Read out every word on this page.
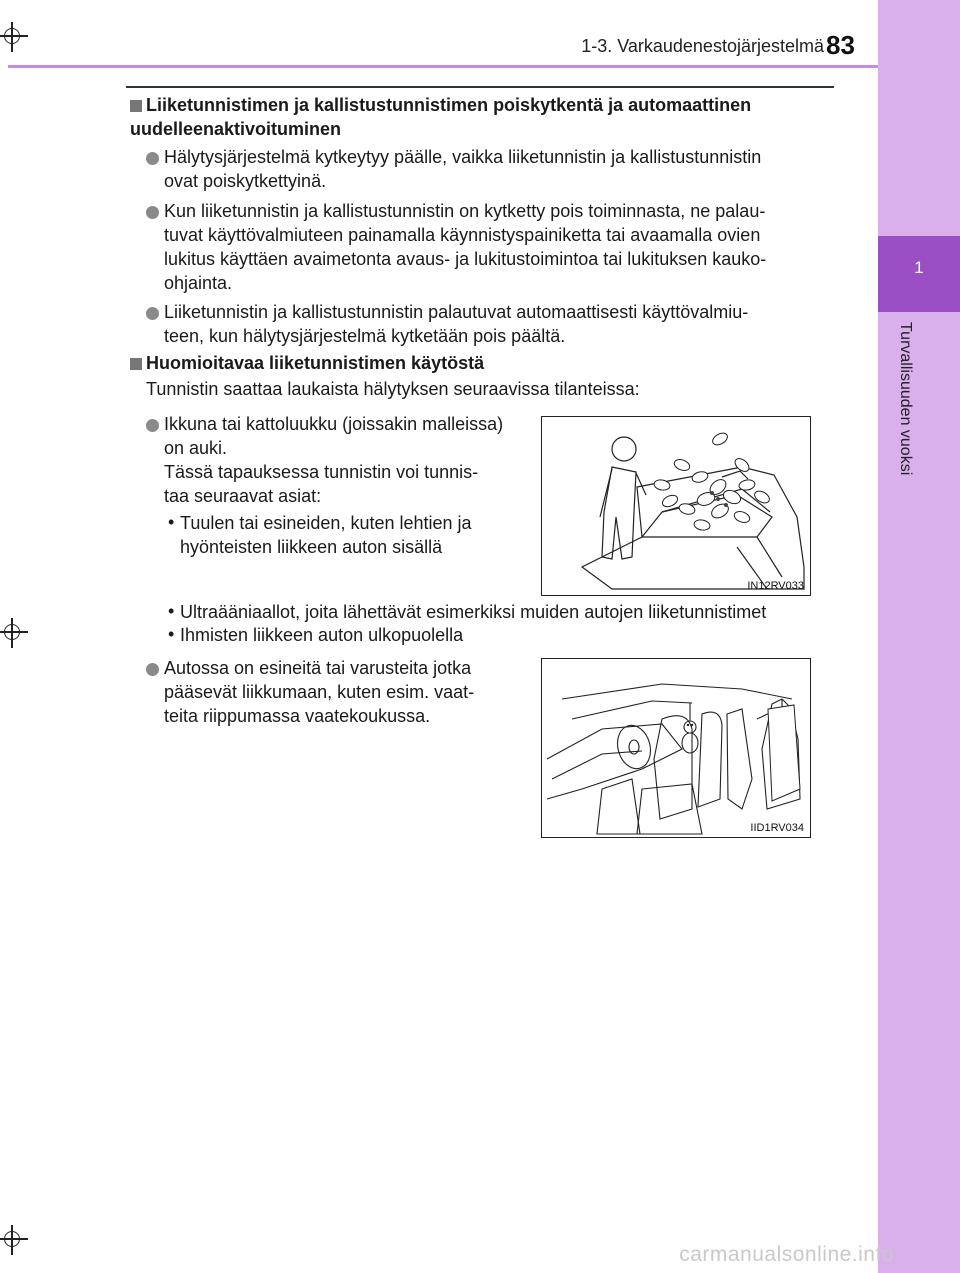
1
Turvallisuuden vuoksi
1-3. Varkaudenestojärjestelmä 83
Liiketunnistimen ja kallistustunnistimen poiskytkentä ja automaattinen
uudelleenaktivoituminen
Hälytysjärjestelmä kytkeytyy päälle, vaikka liiketunnistin ja kallistustunnistin
ovat poiskytkettyinä.
Kun liiketunnistin ja kallistustunnistin on kytketty pois toiminnasta, ne palau-
tuvat käyttövalmiuteen painamalla käynnistyspainiketta tai avaamalla ovien
lukitus käyttäen avaimetonta avaus- ja lukitustoimintoa tai lukituksen kauko-
ohjainta.
Liiketunnistin ja kallistustunnistin palautuvat automaattisesti käyttövalmiu-
teen, kun hälytysjärjestelmä kytketään pois päältä.
Huomioitavaa liiketunnistimen käytöstä
Tunnistin saattaa laukaista hälytyksen seuraavissa tilanteissa:
Ikkuna tai kattoluukku (joissakin malleissa)
on auki.
Tässä tapauksessa tunnistin voi tunnis-
taa seuraavat asiat:
• Tuulen tai esineiden, kuten lehtien ja
hyönteisten liikkeen auton sisällä
IN12RV033
• Ultraääniaallot, joita lähettävät esimerkiksi muiden autojen liiketunnistimet
• Ihmisten liikkeen auton ulkopuolella
Autossa on esineitä tai varusteita jotka
pääsevät liikkumaan, kuten esim. vaat-
teita riippumassa vaatekoukussa.
IID1RV034
carmanualsonline.info
